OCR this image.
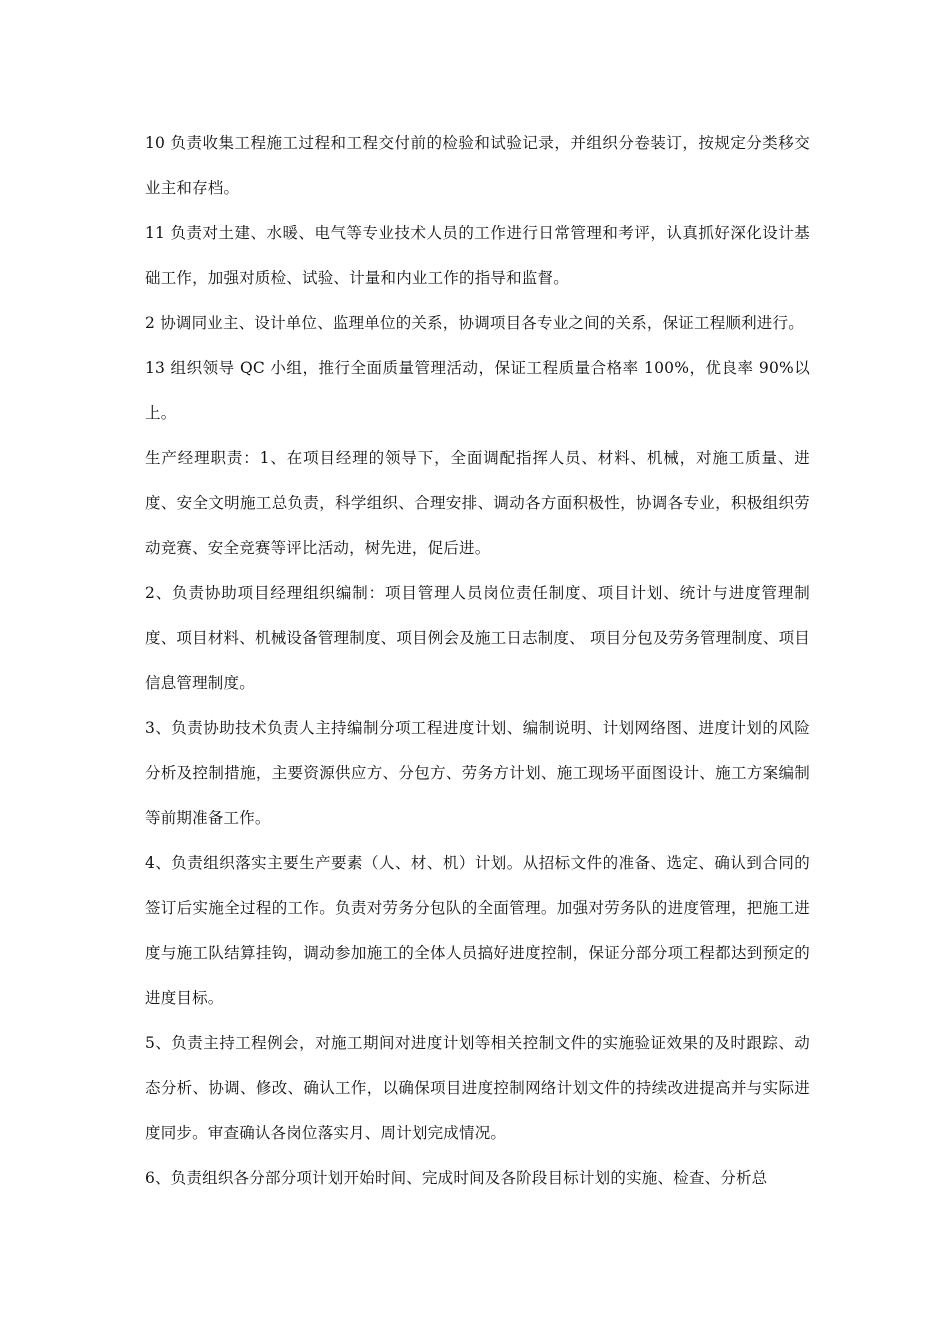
10 负责收集工程施工过程和工程交付前的检验和试验记录，并组织分卷装订，按规定分类移交业主和存档。

11 负责对土建、水暖、电气等专业技术人员的工作进行日常管理和考评，认真抓好深化设计基础工作，加强对质检、试验、计量和内业工作的指导和监督。

2 协调同业主、设计单位、监理单位的关系，协调项目各专业之间的关系，保证工程顺利进行。

13 组织领导 QC 小组，推行全面质量管理活动，保证工程质量合格率 100%，优良率 90%以上。

生产经理职责：1、在项目经理的领导下，全面调配指挥人员、材料、机械，对施工质量、进度、安全文明施工总负责，科学组织、合理安排、调动各方面积极性，协调各专业，积极组织劳动竞赛、安全竞赛等评比活动，树先进，促后进。

2、负责协助项目经理组织编制：项目管理人员岗位责任制度、项目计划、统计与进度管理制度、项目材料、机械设备管理制度、项目例会及施工日志制度、 项目分包及劳务管理制度、项目信息管理制度。

3、负责协助技术负责人主持编制分项工程进度计划、编制说明、计划网络图、进度计划的风险分析及控制措施，主要资源供应方、分包方、劳务方计划、施工现场平面图设计、施工方案编制等前期准备工作。

4、负责组织落实主要生产要素（人、材、机）计划。从招标文件的准备、选定、确认到合同的签订后实施全过程的工作。负责对劳务分包队的全面管理。加强对劳务队的进度管理，把施工进度与施工队结算挂钩，调动参加施工的全体人员搞好进度控制，保证分部分项工程都达到预定的进度目标。

5、负责主持工程例会，对施工期间对进度计划等相关控制文件的实施验证效果的及时跟踪、动态分析、协调、修改、确认工作，以确保项目进度控制网络计划文件的持续改进提高并与实际进度同步。审查确认各岗位落实月、周计划完成情况。

6、负责组织各分部分项计划开始时间、完成时间及各阶段目标计划的实施、检查、分析总
